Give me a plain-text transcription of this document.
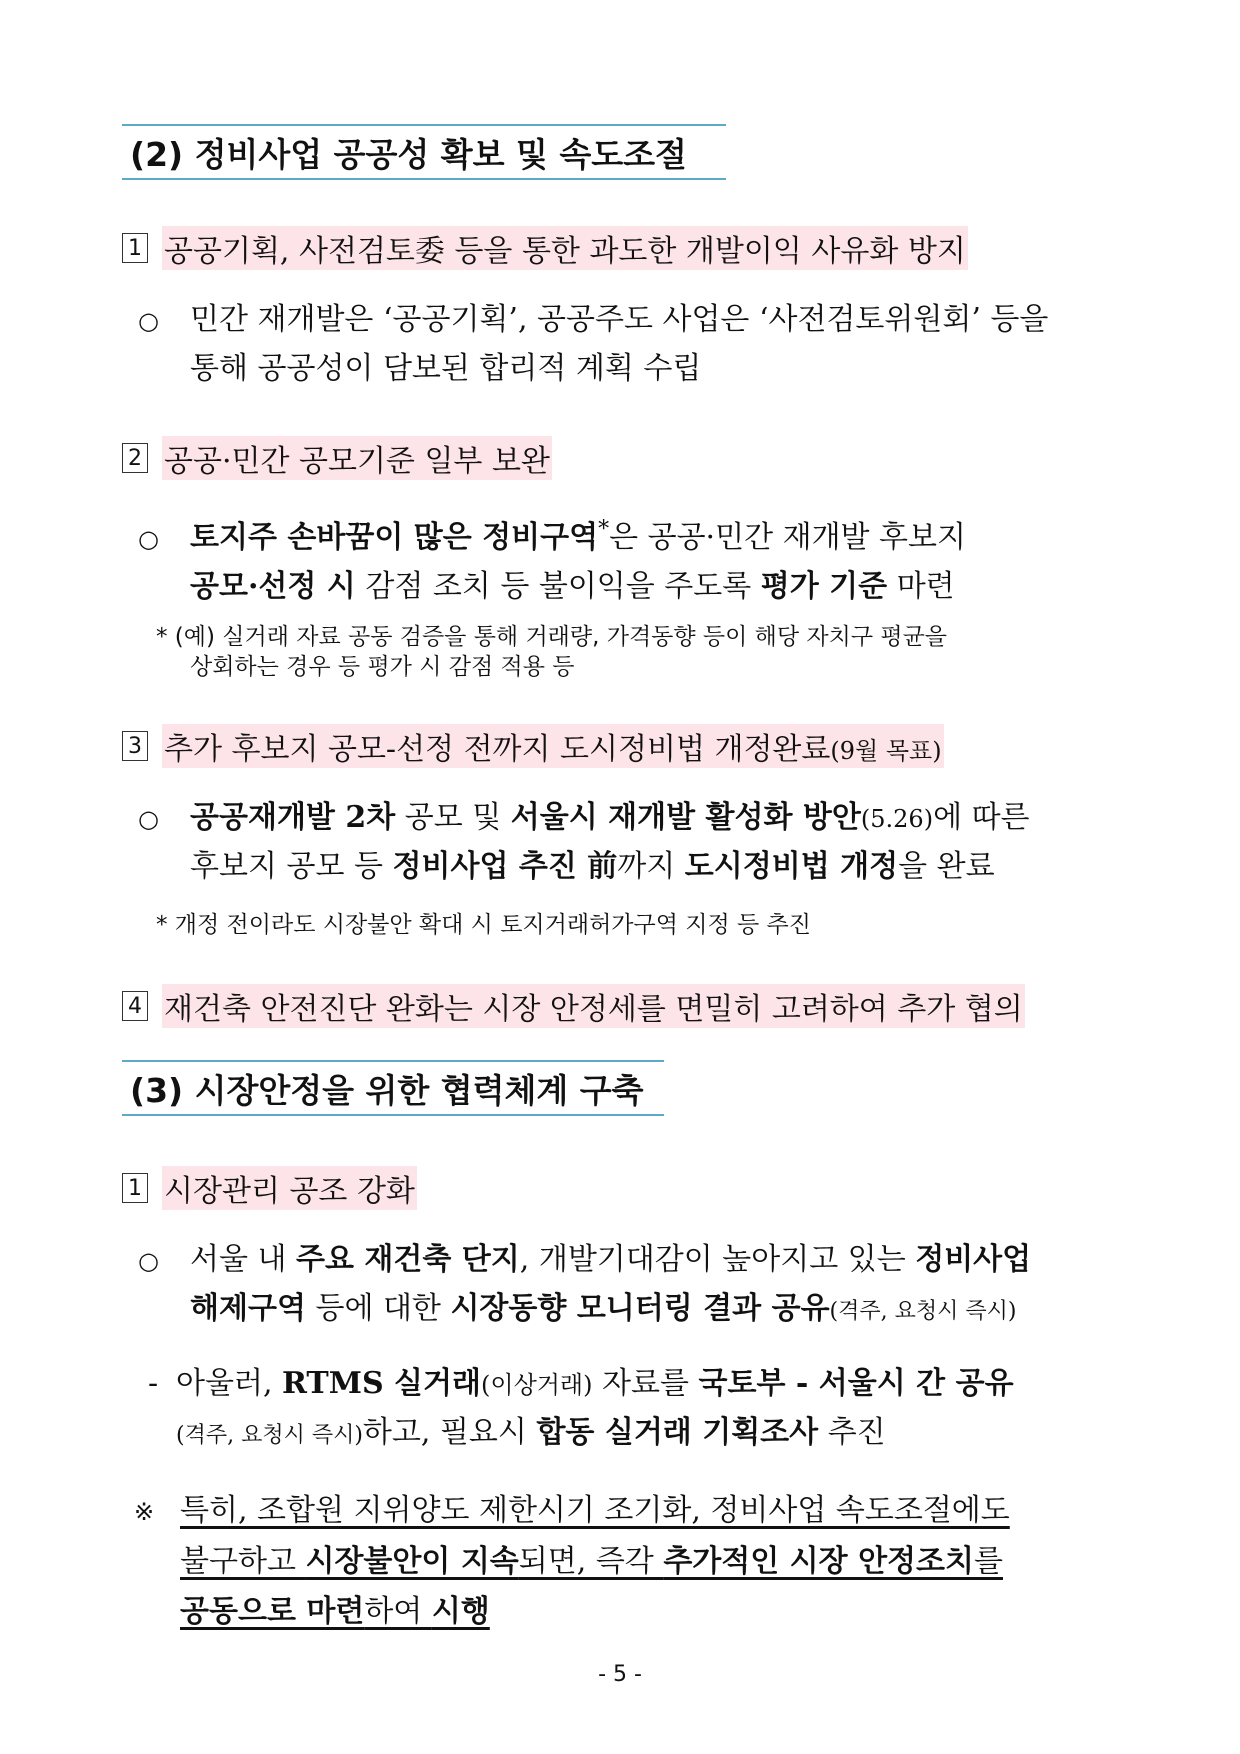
(2) 정비사업 공공성 확보 및 속도조절
1 공공기획, 사전검토委 등을 통한 과도한 개발이익 사유화 방지
○ 민간 재개발은 ‘공공기획’, 공공주도 사업은 ‘사전검토위원회’ 등을
통해 공공성이 담보된 합리적 계획 수립
2 공공·민간 공모기준 일부 보완
○ 토지주 손바꿈이 많은 정비구역*은 공공·민간 재개발 후보지
공모·선정 시 감점 조치 등 불이익을 주도록 평가 기준 마련
* (예) 실거래 자료 공동 검증을 통해 거래량, 가격동향 등이 해당 자치구 평균을
상회하는 경우 등 평가 시 감점 적용 등
3 추가 후보지 공모-선정 전까지 도시정비법 개정완료(9월 목표)
○ 공공재개발 2차 공모 및 서울시 재개발 활성화 방안(5.26)에 따른
후보지 공모 등 정비사업 추진 前까지 도시정비법 개정을 완료
* 개정 전이라도 시장불안 확대 시 토지거래허가구역 지정 등 추진
4 재건축 안전진단 완화는 시장 안정세를 면밀히 고려하여 추가 협의
(3) 시장안정을 위한 협력체계 구축
1 시장관리 공조 강화
○ 서울 내 주요 재건축 단지, 개발기대감이 높아지고 있는 정비사업
해제구역 등에 대한 시장동향 모니터링 결과 공유(격주, 요청시 즉시)
- 아울러, RTMS 실거래(이상거래) 자료를 국토부 - 서울시 간 공유
(격주, 요청시 즉시)하고, 필요시 합동 실거래 기획조사 추진
※ 특히, 조합원 지위양도 제한시기 조기화, 정비사업 속도조절에도
불구하고 시장불안이 지속되면, 즉각 추가적인 시장 안정조치를
공동으로 마련하여 시행
- 5 -
